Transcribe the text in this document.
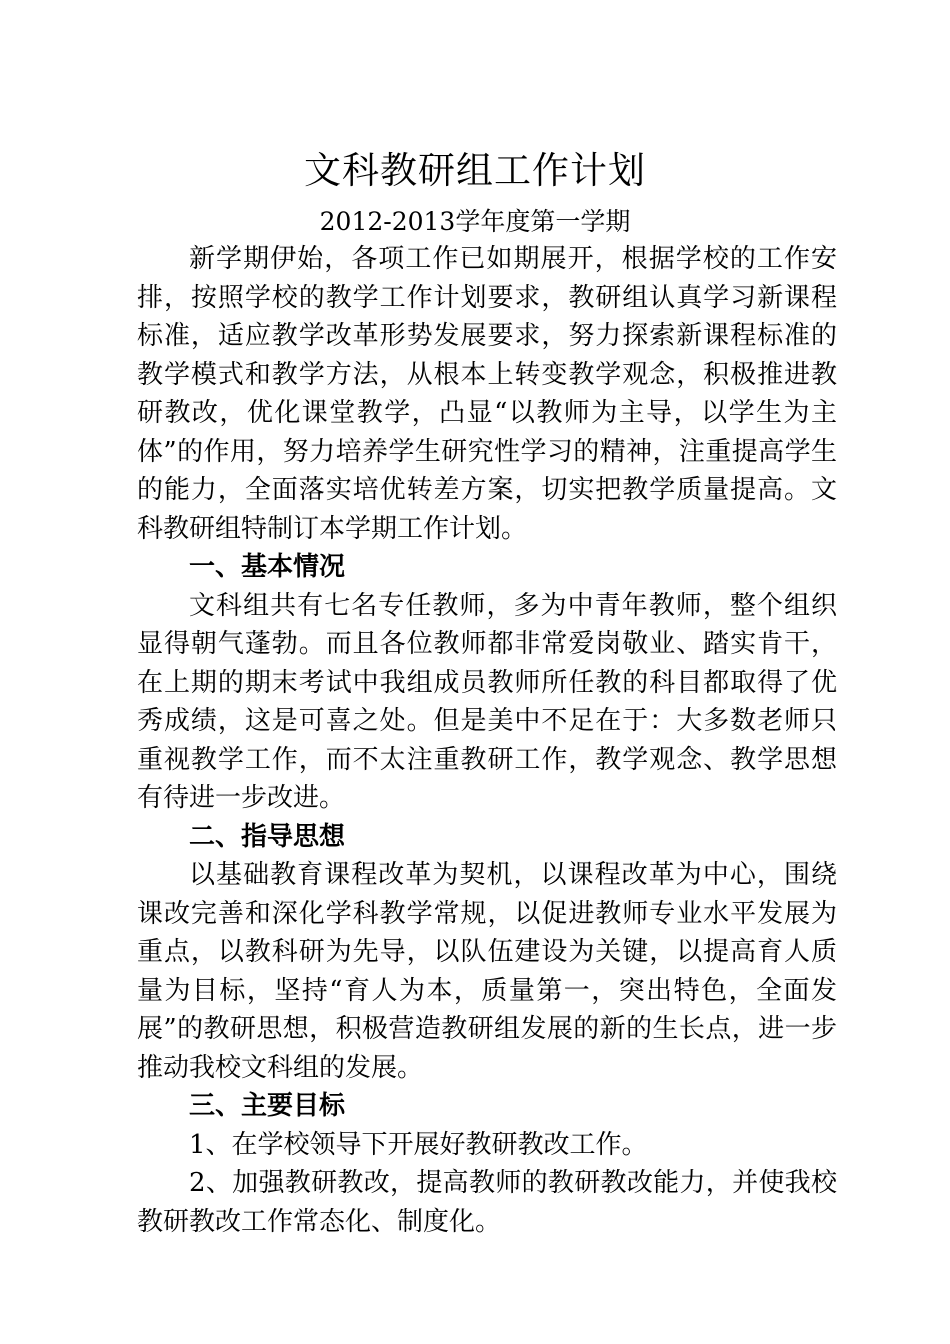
文科教研组工作计划
2012-2013学年度第一学期

新学期伊始，各项工作已如期展开，根据学校的工作安排，按照学校的教学工作计划要求，教研组认真学习新课程标准，适应教学改革形势发展要求，努力探索新课程标准的教学模式和教学方法，从根本上转变教学观念，积极推进教研教改，优化课堂教学，凸显“以教师为主导，以学生为主体”的作用，努力培养学生研究性学习的精神，注重提高学生的能力，全面落实培优转差方案，切实把教学质量提高。文科教研组特制订本学期工作计划。

一、基本情况

文科组共有七名专任教师，多为中青年教师，整个组织显得朝气蓬勃。而且各位教师都非常爱岗敬业、踏实肯干，在上期的期末考试中我组成员教师所任教的科目都取得了优秀成绩，这是可喜之处。但是美中不足在于：大多数老师只重视教学工作，而不太注重教研工作，教学观念、教学思想有待进一步改进。

二、指导思想

以基础教育课程改革为契机，以课程改革为中心，围绕课改完善和深化学科教学常规，以促进教师专业水平发展为重点，以教科研为先导，以队伍建设为关键，以提高育人质量为目标，坚持“育人为本，质量第一，突出特色，全面发展”的教研思想，积极营造教研组发展的新的生长点，进一步推动我校文科组的发展。

三、主要目标

1、在学校领导下开展好教研教改工作。

2、加强教研教改，提高教师的教研教改能力，并使我校教研教改工作常态化、制度化。
